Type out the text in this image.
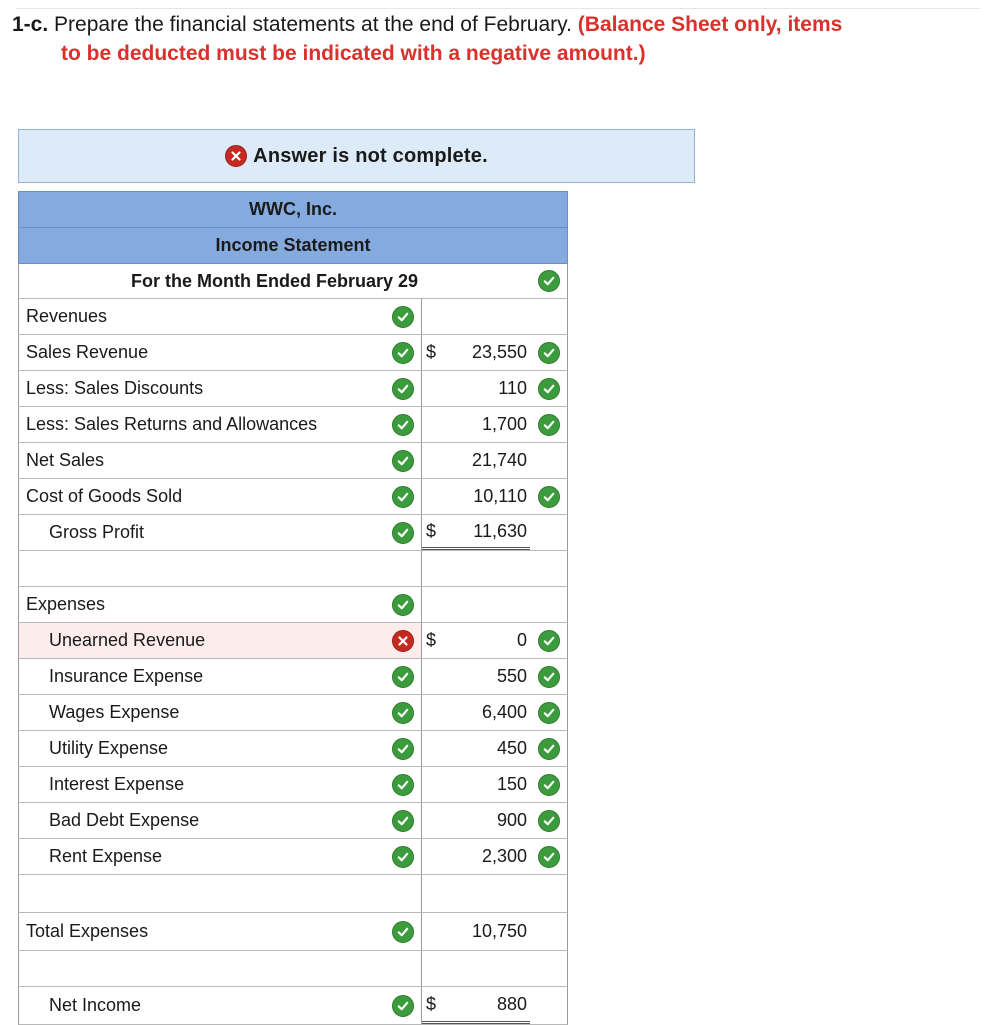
1-c. Prepare the financial statements at the end of February. (Balance Sheet only, items
to be deducted must be indicated with a negative amount.)
Answer is not complete.
WWC, Inc.
Income Statement
For the Month Ended February 29
Revenues
Sales Revenue	$	23,550
Less: Sales Discounts	110
Less: Sales Returns and Allowances	1,700
Net Sales	21,740
Cost of Goods Sold	10,110
Gross Profit	$	11,630
Expenses
Unearned Revenue	$	0
Insurance Expense	550
Wages Expense	6,400
Utility Expense	450
Interest Expense	150
Bad Debt Expense	900
Rent Expense	2,300
Total Expenses	10,750
Net Income	$	880
